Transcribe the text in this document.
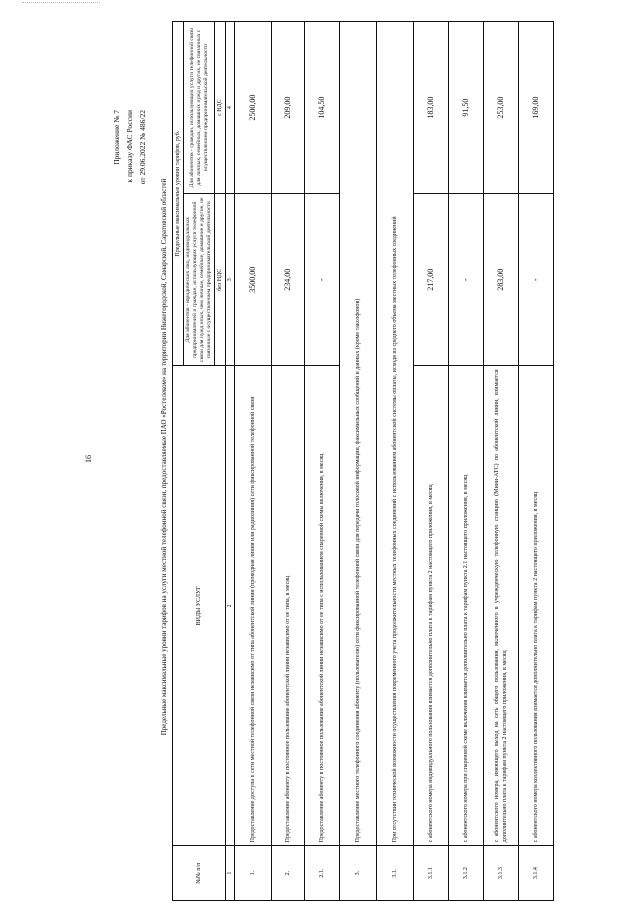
16
Приложение № 7 к приказу ФАС России от 29.06.2022 № 486/22
Предельные максимальные уровни тарифов на услуги местной телефонной связи, предоставляемые ПАО «Ростелеком» на территории Нижегородской, Самарской, Саратовской областей
№№ п/п	ВИДЫ УСЛУГ	Предельные максимальные уровни тарифов, руб.	
		Для абонентов - юридических лиц, индивидуальных предпринимателей и граждан, использующих услуги телефонной связи для нужд иных, чем личные, семейные, домашние и другие, не связанные с осуществлением предпринимательской деятельности	Для абонентов - граждан, использующих услуги телефонной связи для личных, семейных, домашних нужд и других, не связанных с осуществлением предпринимательской деятельности
		без НДС	с НДС
1	2	3	4
1.	Предоставление доступа к сети местной телефонной связи независимо от типа абонентской линии (проводная линия или радиолиния) сети фиксированной телефонной связи	3500,00	2500,00
2.	Предоставление абоненту в постоянное пользование абонентской линии независимо от ее типа, в месяц	234,00	209,00
2.1.	Предоставление абоненту в постоянное пользование абонентской линии независимо от ее типа с использованием спаренной схемы включения, в месяц	-	104,50
3.	Предоставление местного телефонного соединения абоненту (пользователю) сети фиксированной телефонной связи для передачи голосовой информации, факсимильных сообщений и данных (кроме таксофонов)		
3.1.	При отсутствии технической возможности осуществления повременного учета продолжительности местных телефонных соединений с использованием абонентской системы оплаты, исходя из среднего объема местных телефонных соединений		
3.1.1	с абонентского номера индивидуального пользования взимается дополнительно плата к тарифам пункта 2 настоящего приложения, в месяц	217,00	183,00
3.1.2	с абонентского номера при спаренной схеме включения взимается дополнительно плата к тарифам пункта 2.1 настоящего приложения, в месяц	-	91,50
3.1.3	с абонентского номера, имеющего выход на сеть общего пользования, включенного в учрежденческую телефонную станцию (Мини-АТС) по абонентской линии, взимается дополнительно плата к тарифам пункта 2 настоящего приложения, в месяц	283,00	253,00
3.1.4	с абонентского номера коллективного пользования взимается дополнительно плата к тарифам пункта 2 настоящего приложения, в месяц	-	169,00
